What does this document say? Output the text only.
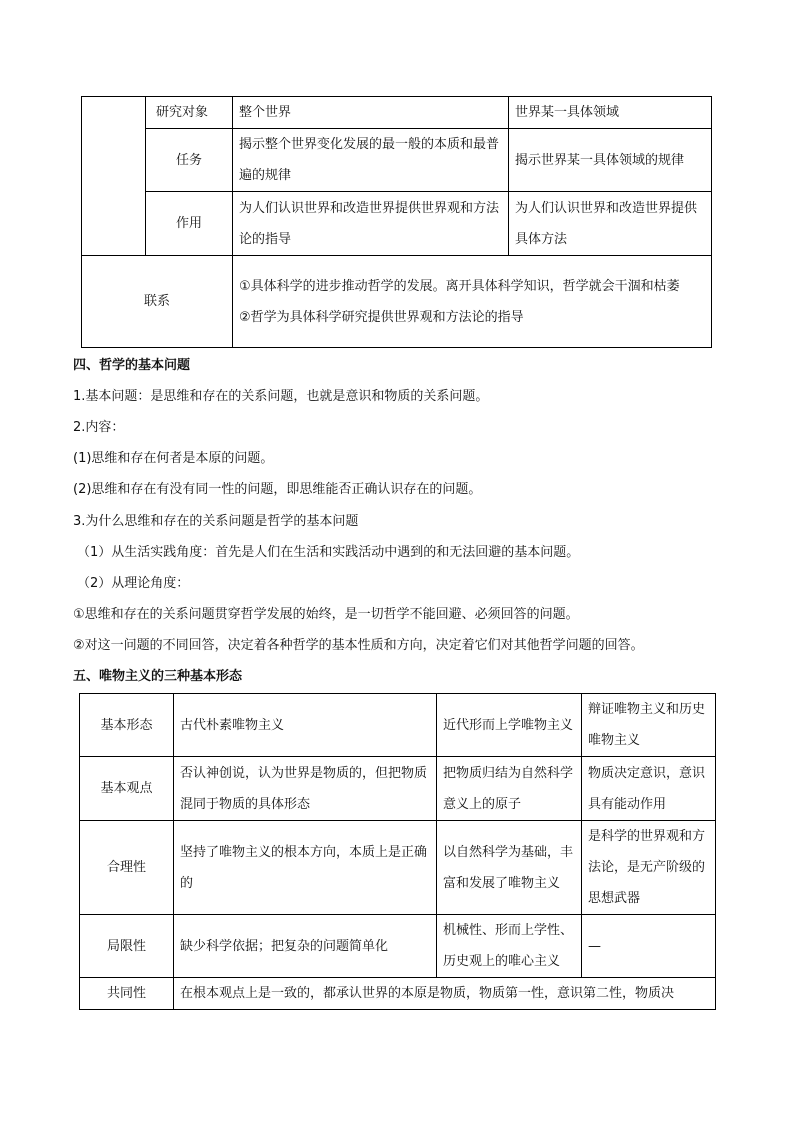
	研究对象	整个世界	世界某一具体领域
	任务	揭示整个世界变化发展的最一般的本质和最普遍的规律	揭示世界某一具体领域的规律
	作用	为人们认识世界和改造世界提供世界观和方法论的指导	为人们认识世界和改造世界提供具体方法
联系		①具体科学的进步推动哲学的发展。离开具体科学知识，哲学就会干涸和枯萎
②哲学为具体科学研究提供世界观和方法论的指导	
四、哲学的基本问题
1.基本问题：是思维和存在的关系问题，也就是意识和物质的关系问题。
2.内容：
(1)思维和存在何者是本原的问题。
(2)思维和存在有没有同一性的问题，即思维能否正确认识存在的问题。
3.为什么思维和存在的关系问题是哲学的基本问题
（1）从生活实践角度：首先是人们在生活和实践活动中遇到的和无法回避的基本问题。
（2）从理论角度：
①思维和存在的关系问题贯穿哲学发展的始终，是一切哲学不能回避、必须回答的问题。
②对这一问题的不同回答，决定着各种哲学的基本性质和方向，决定着它们对其他哲学问题的回答。
五、唯物主义的三种基本形态
基本形态	古代朴素唯物主义	近代形而上学唯物主义	辩证唯物主义和历史唯物主义
基本观点	否认神创说，认为世界是物质的，但把物质混同于物质的具体形态	把物质归结为自然科学意义上的原子	物质决定意识，意识具有能动作用
合理性	坚持了唯物主义的根本方向，本质上是正确的	以自然科学为基础，丰富和发展了唯物主义	是科学的世界观和方法论，是无产阶级的思想武器
局限性	缺少科学依据；把复杂的问题简单化	机械性、形而上学性、历史观上的唯心主义	—
共同性	在根本观点上是一致的，都承认世界的本原是物质，物质第一性，意识第二性，物质决		
